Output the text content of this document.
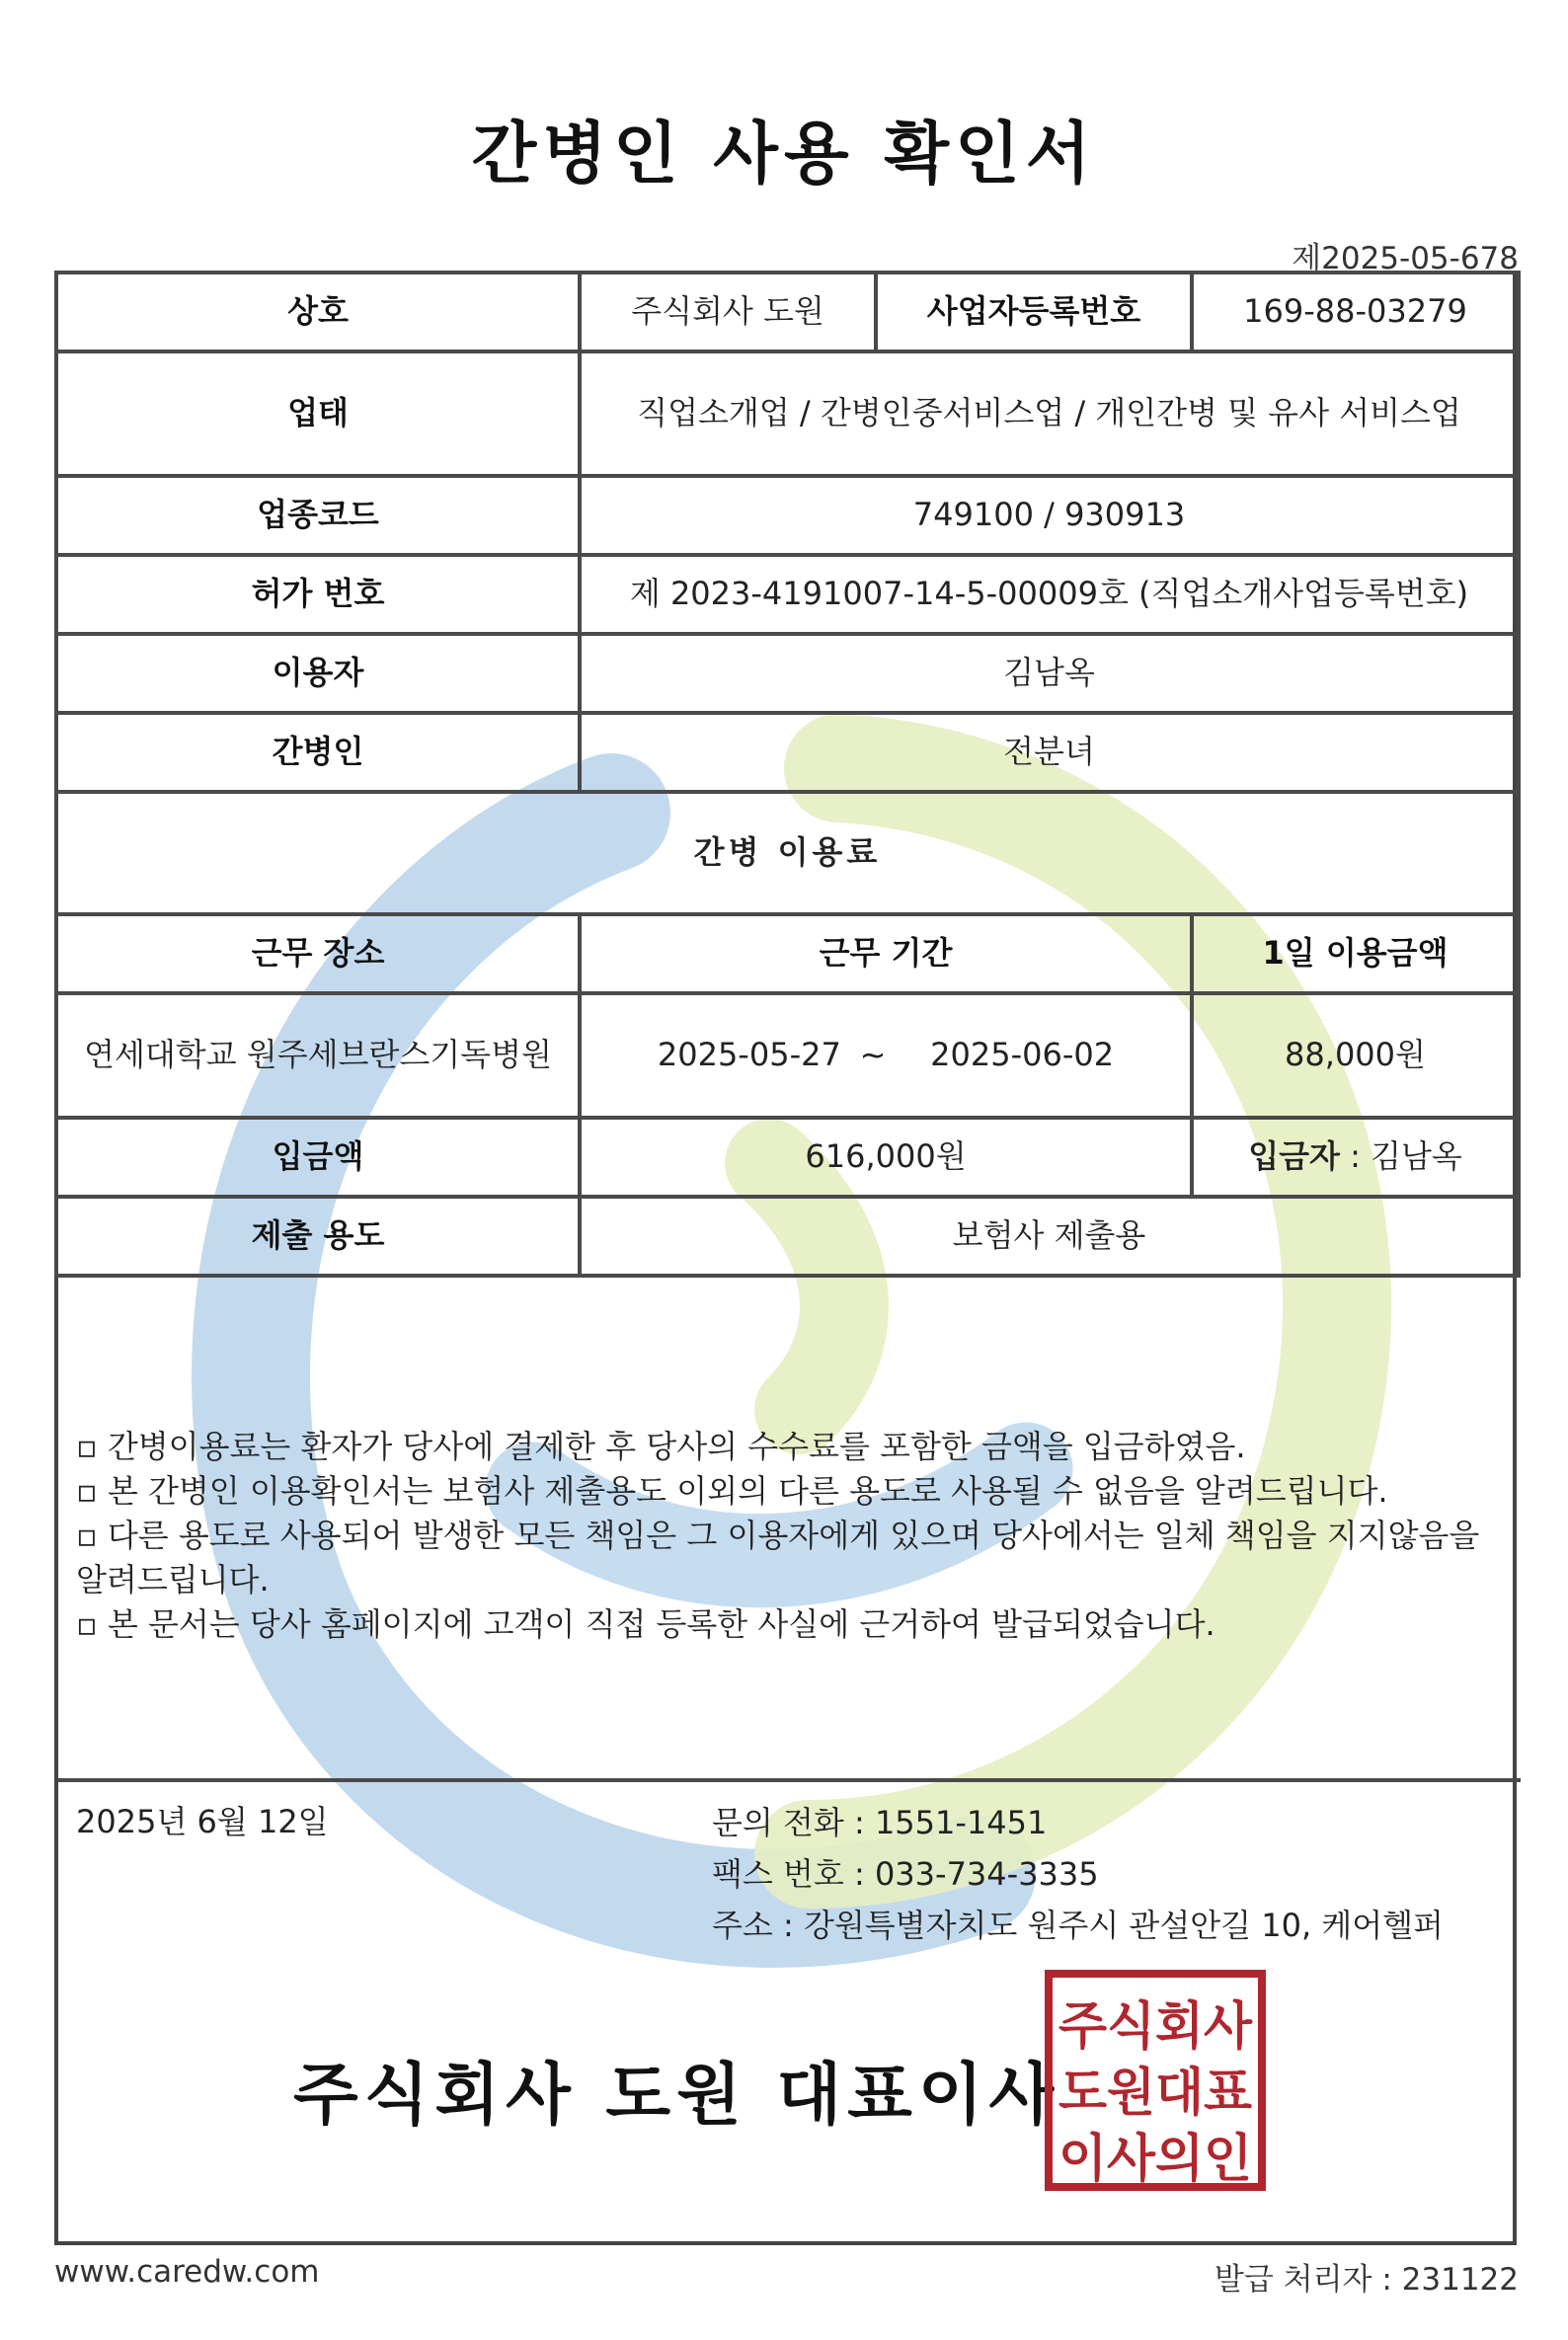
간병인 사용 확인서
제2025-05-678
상호	주식회사 도원	사업자등록번호	169-88-03279
업태	직업소개업 / 간병인중서비스업 / 개인간병 및 유사 서비스업		
업종코드	749100 / 930913		
허가 번호	제 2023-4191007-14-5-00009호 (직업소개사업등록번호)		
이용자	김남옥		
간병인	전분녀		
간병 이용료			
근무 장소	근무 기간		1일 이용금액
연세대학교 원주세브란스기독병원	2025-05-27 ~ 2025-06-02		88,000원
입금액	616,000원		입금자 : 김남옥
제출 용도	보험사 제출용		

▫ 간병이용료는 환자가 당사에 결제한 후 당사의 수수료를 포함한 금액을 입금하였음.

▫ 본 간병인 이용확인서는 보험사 제출용도 이외의 다른 용도로 사용될 수 없음을 알려드립니다.

▫ 다른 용도로 사용되어 발생한 모든 책임은 그 이용자에게 있으며 당사에서는 일체 책임을 지지않음을 알려드립니다.

▫ 본 문서는 당사 홈페이지에 고객이 직접 등록한 사실에 근거하여 발급되었습니다.

2025년 6월 12일	문의 전화 : 1551-1451
팩스 번호 : 033-734-3335
주소 : 강원특별자치도 원주시 관설안길 10, 케어헬퍼
주식회사 도원 대표이사
주식회사
도원대표
이사의인
www.caredw.com	발급 처리자 : 231122
